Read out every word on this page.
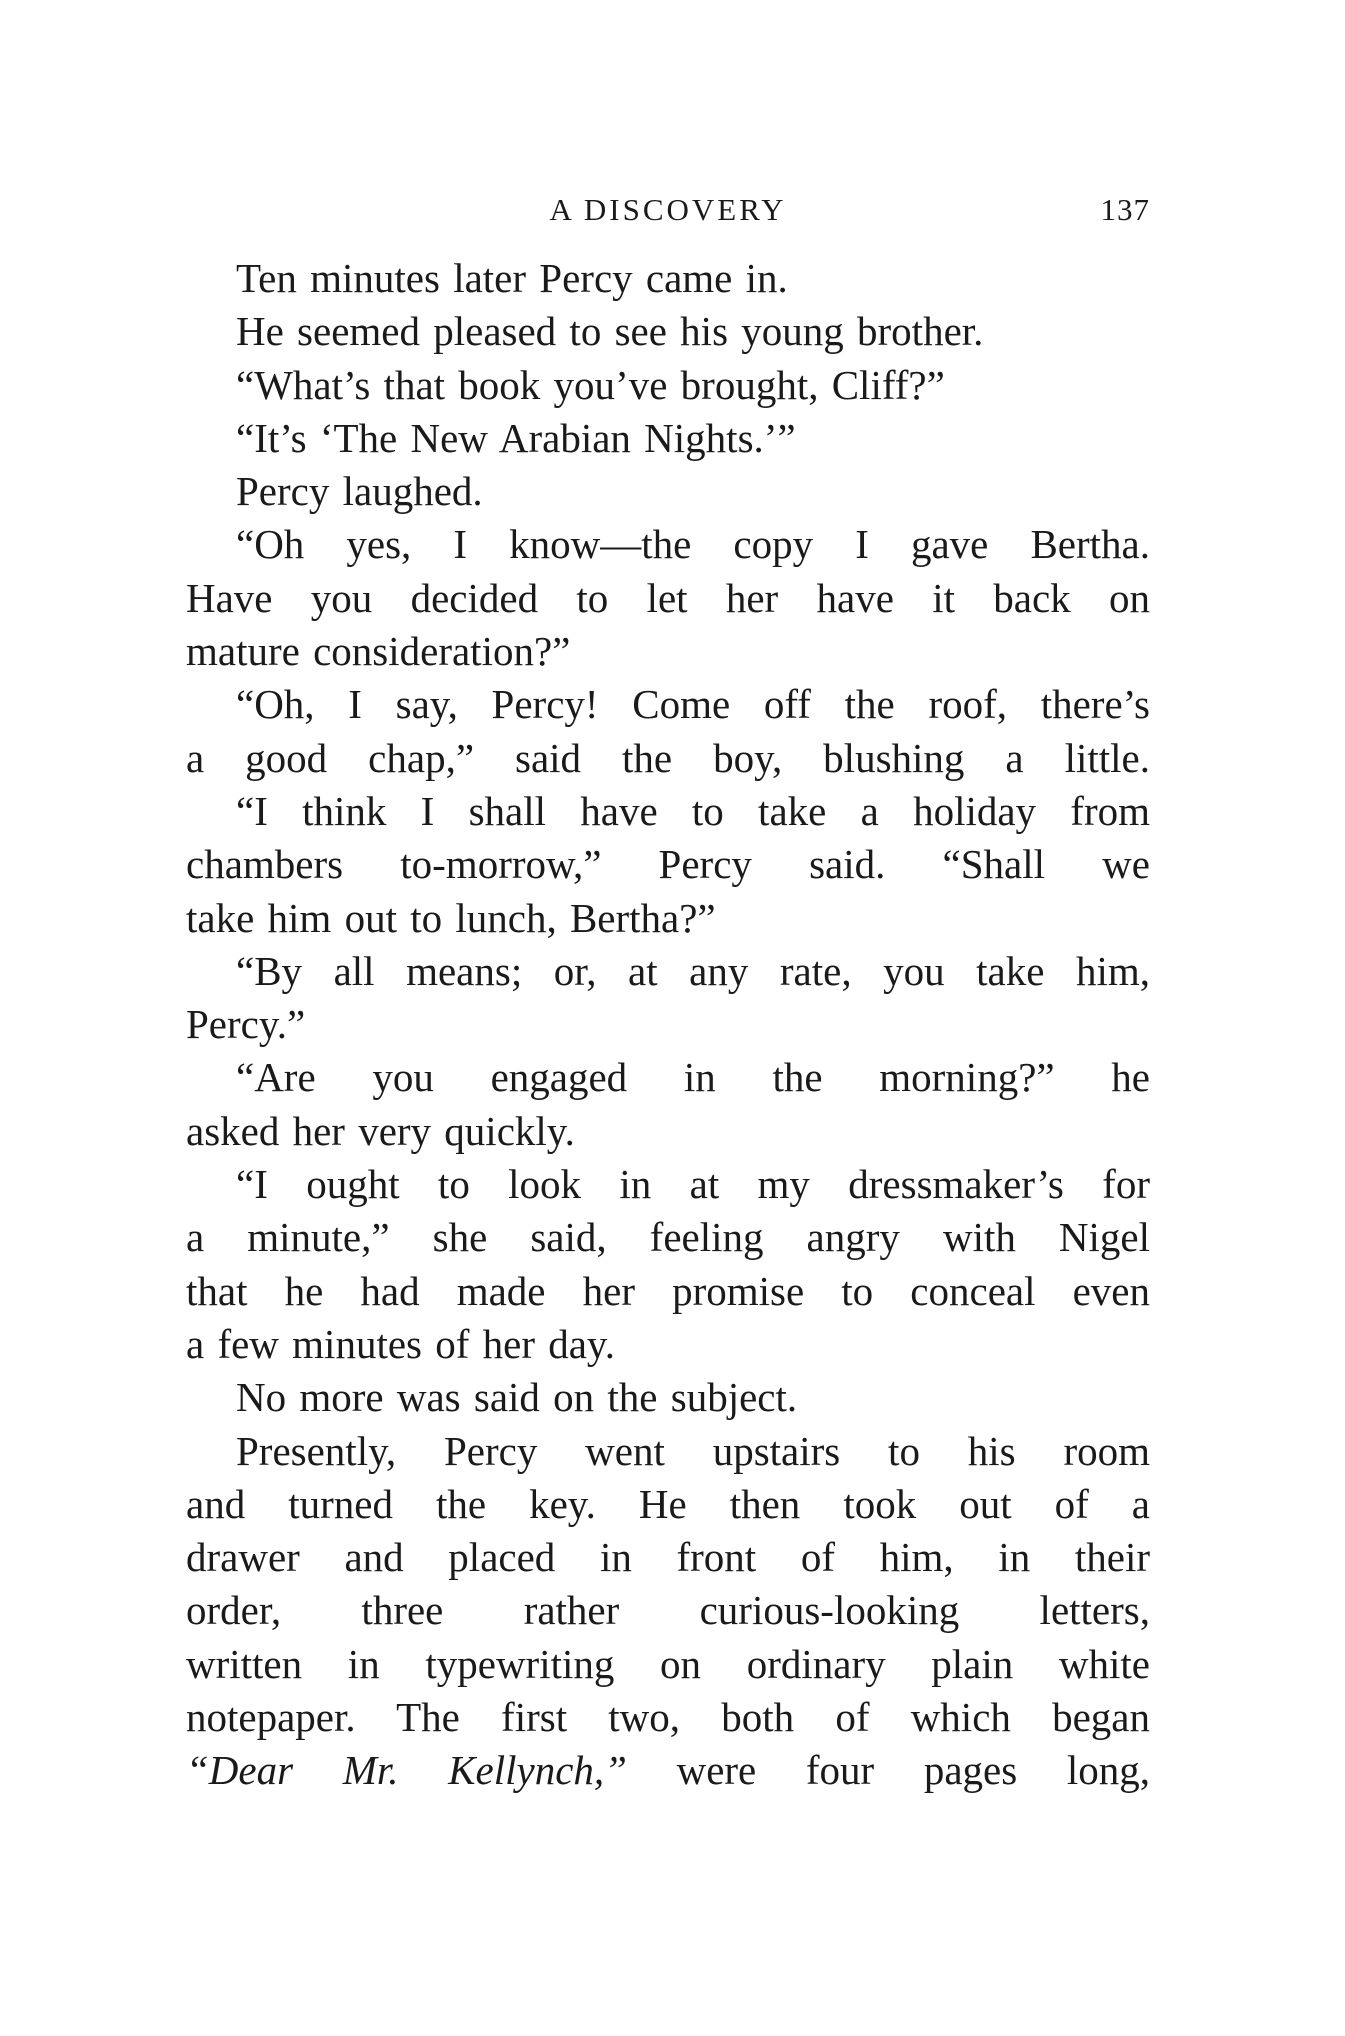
A DISCOVERY	137
Ten minutes later Percy came in.
He seemed pleased to see his young brother.
“What’s that book you’ve brought, Cliff?”
“It’s ‘The New Arabian Nights.’”
Percy laughed.
“Oh yes, I know—the copy I gave Bertha.
Have you decided to let her have it back on
mature consideration?”
“Oh, I say, Percy! Come off the roof, there’s
a good chap,” said the boy, blushing a little.
“I think I shall have to take a holiday from
chambers to-morrow,” Percy said. “Shall we
take him out to lunch, Bertha?”
“By all means; or, at any rate, you take him,
Percy.”
“Are you engaged in the morning?” he
asked her very quickly.
“I ought to look in at my dressmaker’s for
a minute,” she said, feeling angry with Nigel
that he had made her promise to conceal even
a few minutes of her day.
No more was said on the subject.
Presently, Percy went upstairs to his room
and turned the key. He then took out of a
drawer and placed in front of him, in their
order, three rather curious-looking letters,
written in typewriting on ordinary plain white
notepaper. The first two, both of which began
“Dear Mr. Kellynch,” were four pages long,
